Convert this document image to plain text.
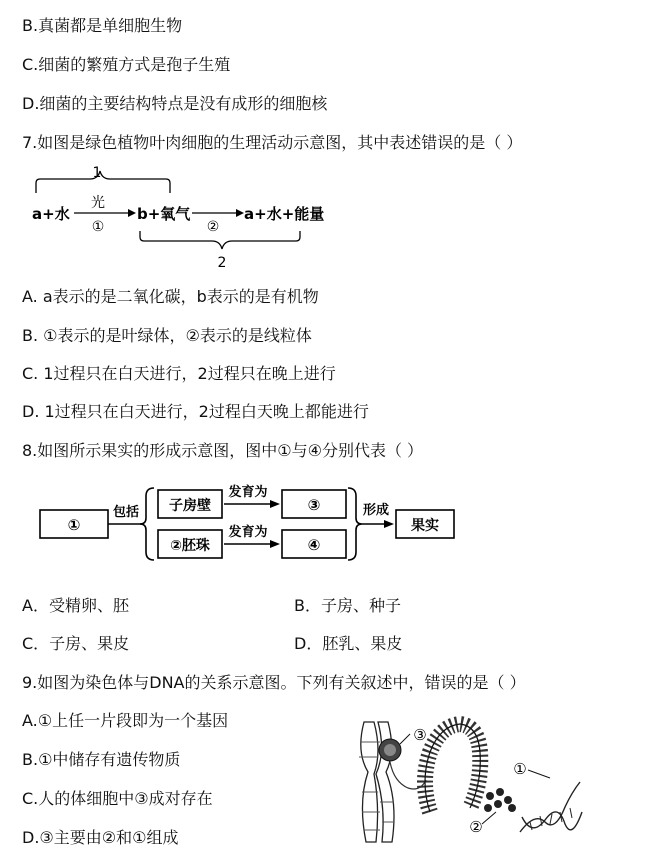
B.真菌都是单细胞生物
C.细菌的繁殖方式是孢子生殖
D.细菌的主要结构特点是没有成形的细胞核
7.如图是绿色植物叶肉细胞的生理活动示意图，其中表述错误的是（ ）
1
a+水
光
①
b+氧气
②
a+水+能量
2
A. a表示的是二氧化碳，b表示的是有机物
B. ①表示的是叶绿体，②表示的是线粒体
C. 1过程只在白天进行，2过程只在晚上进行
D. 1过程只在白天进行，2过程白天晚上都能进行
8.如图所示果实的形成示意图，图中①与④分别代表（ ）
①
包括 子房壁
②胚珠
发育为
发育为
③
④
形成
果实
A．受精卵、胚	B．子房、种子
C．子房、果皮	D．胚乳、果皮
9.如图为染色体与DNA的关系示意图。下列有关叙述中，错误的是（ ）
A.①上任一片段即为一个基因
B.①中储存有遗传物质
C.人的体细胞中③成对存在
D.③主要由②和①组成
③
①
②
